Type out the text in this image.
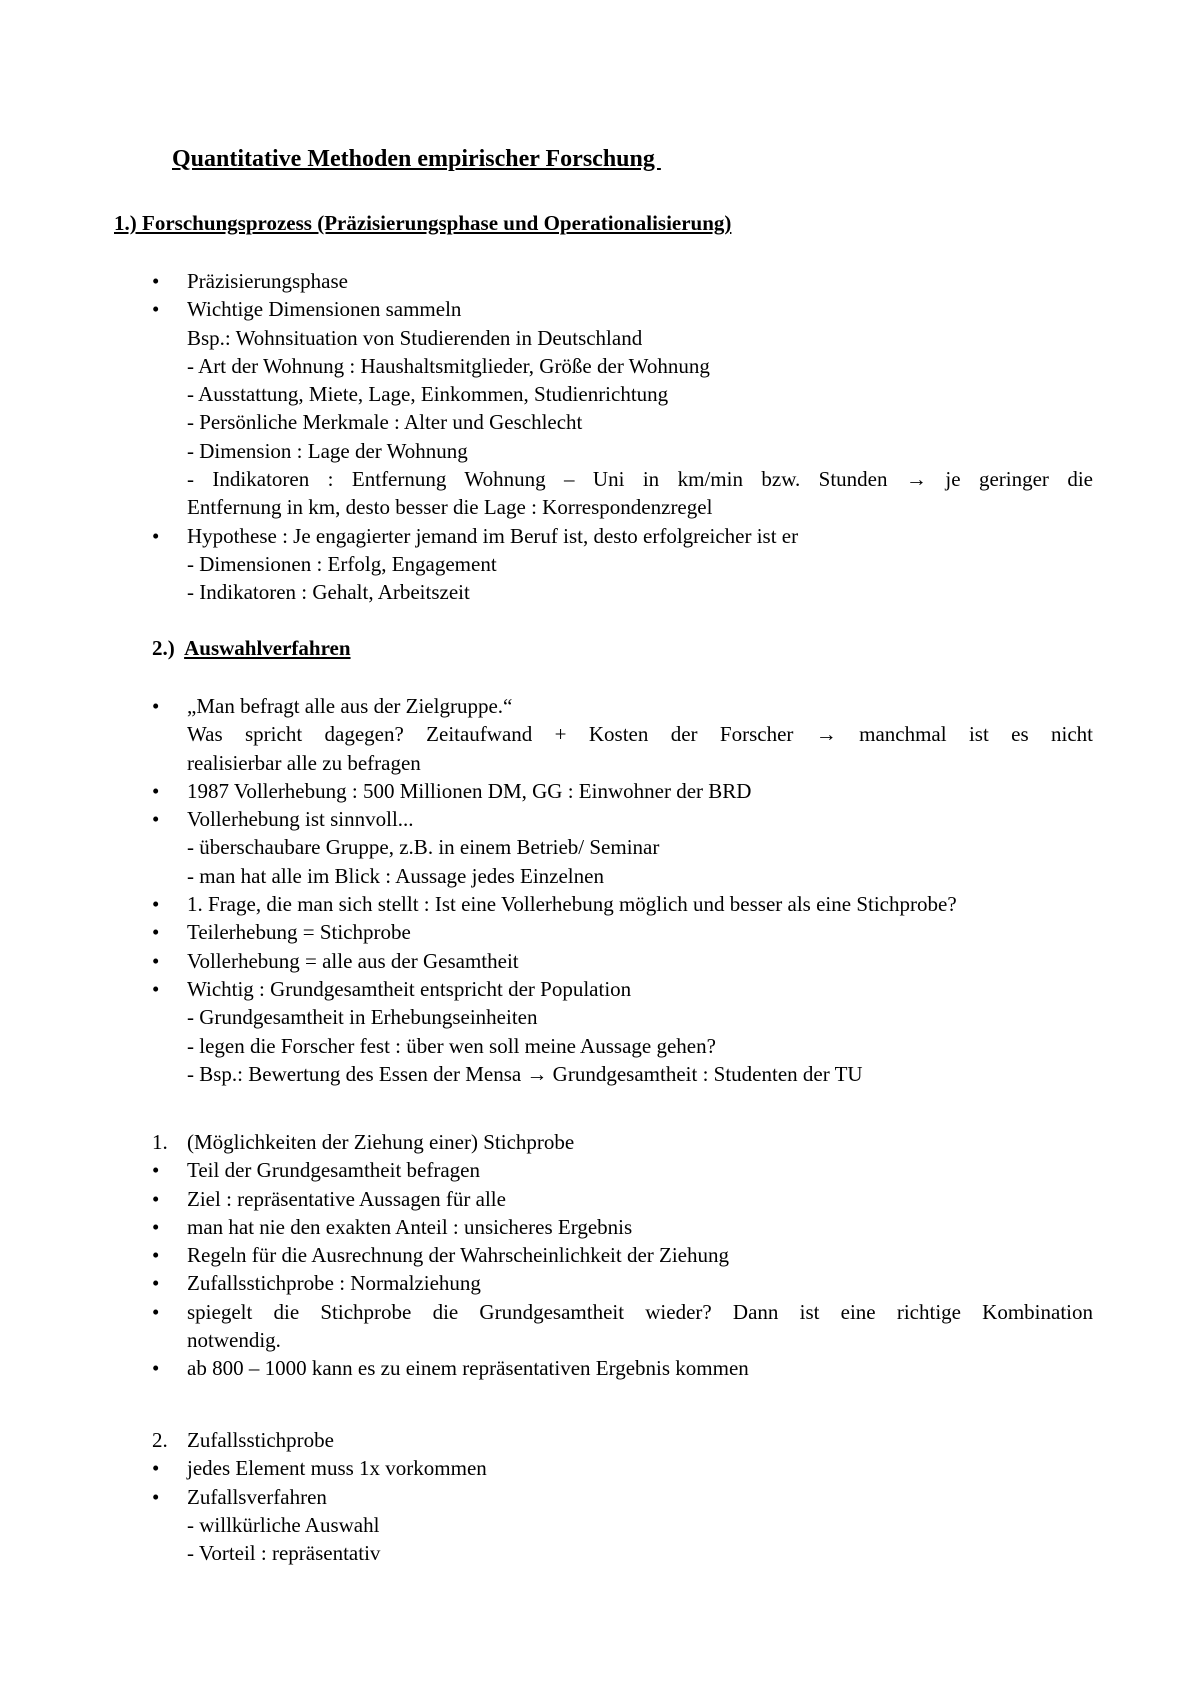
Quantitative Methoden empirischer Forschung
1.) Forschungsprozess (Präzisierungsphase und Operationalisierung)
•	Präzisierungsphase
•	Wichtige Dimensionen sammeln
Bsp.: Wohnsituation von Studierenden in Deutschland
- Art der Wohnung : Haushaltsmitglieder, Größe der Wohnung
- Ausstattung, Miete, Lage, Einkommen, Studienrichtung
- Persönliche Merkmale : Alter und Geschlecht
- Dimension : Lage der Wohnung
- Indikatoren : Entfernung Wohnung – Uni in km/min bzw. Stunden → je geringer die
Entfernung in km, desto besser die Lage : Korrespondenzregel
•	Hypothese : Je engagierter jemand im Beruf ist, desto erfolgreicher ist er
- Dimensionen : Erfolg, Engagement
- Indikatoren : Gehalt, Arbeitszeit
2.) Auswahlverfahren
•	„Man befragt alle aus der Zielgruppe.“
Was spricht dagegen? Zeitaufwand + Kosten der Forscher → manchmal ist es nicht
realisierbar alle zu befragen
•	1987 Vollerhebung : 500 Millionen DM, GG : Einwohner der BRD
•	Vollerhebung ist sinnvoll...
- überschaubare Gruppe, z.B. in einem Betrieb/ Seminar
- man hat alle im Blick : Aussage jedes Einzelnen
•	1. Frage, die man sich stellt : Ist eine Vollerhebung möglich und besser als eine Stichprobe?
•	Teilerhebung = Stichprobe
•	Vollerhebung = alle aus der Gesamtheit
•	Wichtig : Grundgesamtheit entspricht der Population
- Grundgesamtheit in Erhebungseinheiten
- legen die Forscher fest : über wen soll meine Aussage gehen?
- Bsp.: Bewertung des Essen der Mensa → Grundgesamtheit : Studenten der TU
1. (Möglichkeiten der Ziehung einer) Stichprobe
•	Teil der Grundgesamtheit befragen
•	Ziel : repräsentative Aussagen für alle
•	man hat nie den exakten Anteil : unsicheres Ergebnis
•	Regeln für die Ausrechnung der Wahrscheinlichkeit der Ziehung
•	Zufallsstichprobe : Normalziehung
•	spiegelt die Stichprobe die Grundgesamtheit wieder? Dann ist eine richtige Kombination
notwendig.
•	ab 800 – 1000 kann es zu einem repräsentativen Ergebnis kommen
2. Zufallsstichprobe
•	jedes Element muss 1x vorkommen
•	Zufallsverfahren
- willkürliche Auswahl
- Vorteil : repräsentativ
